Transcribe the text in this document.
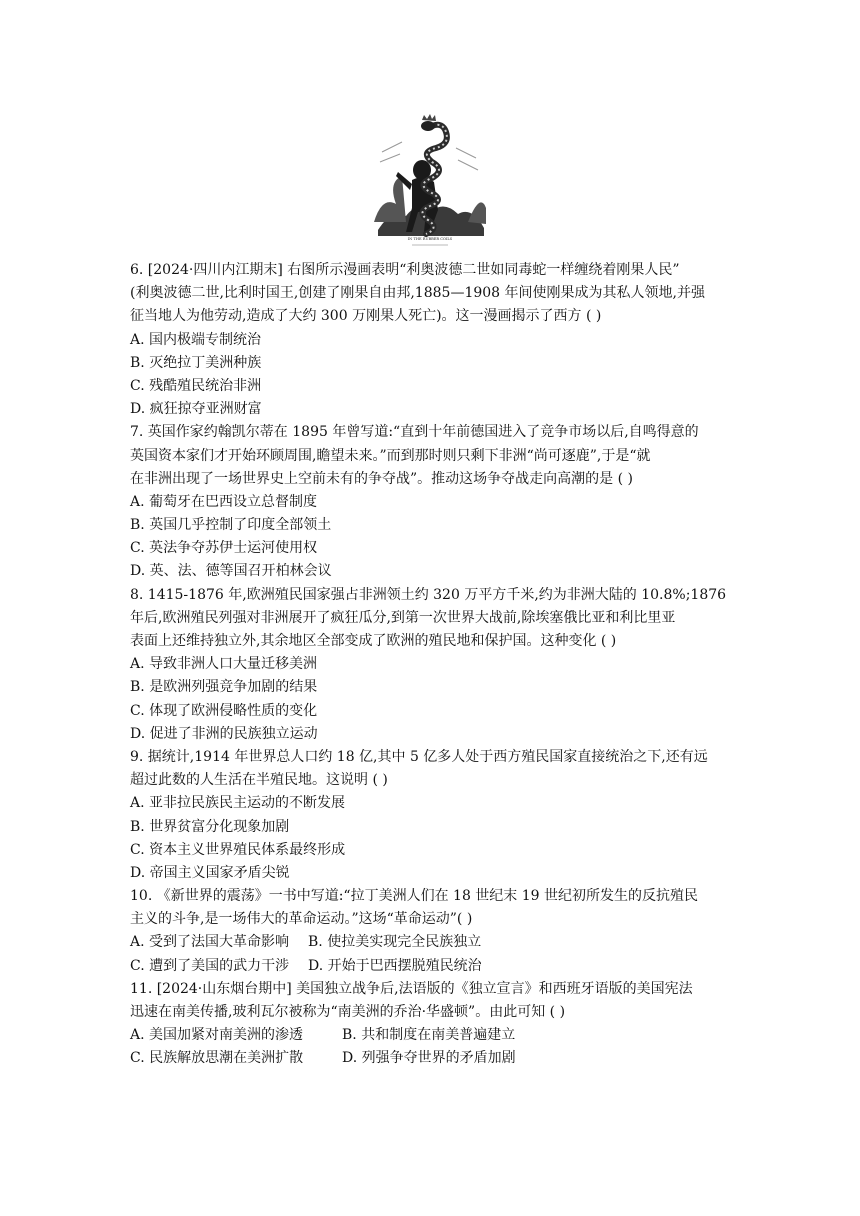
IN THE RUBBER COILS
6. [2024·四川内江期末] 右图所示漫画表明“利奥波德二世如同毒蛇一样缠绕着刚果人民”
(利奥波德二世,比利时国王,创建了刚果自由邦,1885—1908 年间使刚果成为其私人领地,并强
征当地人为他劳动,造成了大约 300 万刚果人死亡)。这一漫画揭示了西方 ( )
A. 国内极端专制统治
B. 灭绝拉丁美洲种族
C. 残酷殖民统治非洲
D. 疯狂掠夺亚洲财富
7. 英国作家约翰凯尔蒂在 1895 年曾写道:“直到十年前德国进入了竞争市场以后,自鸣得意的
英国资本家们才开始环顾周围,瞻望未来。”而到那时则只剩下非洲“尚可逐鹿”,于是“就
在非洲出现了一场世界史上空前未有的争夺战”。推动这场争夺战走向高潮的是 ( )
A. 葡萄牙在巴西设立总督制度
B. 英国几乎控制了印度全部领土
C. 英法争夺苏伊士运河使用权
D. 英、法、德等国召开柏林会议
8. 1415-1876 年,欧洲殖民国家强占非洲领土约 320 万平方千米,约为非洲大陆的 10.8%;1876
年后,欧洲殖民列强对非洲展开了疯狂瓜分,到第一次世界大战前,除埃塞俄比亚和利比里亚
表面上还维持独立外,其余地区全部变成了欧洲的殖民地和保护国。这种变化 ( )
A. 导致非洲人口大量迁移美洲
B. 是欧洲列强竞争加剧的结果
C. 体现了欧洲侵略性质的变化
D. 促进了非洲的民族独立运动
9. 据统计,1914 年世界总人口约 18 亿,其中 5 亿多人处于西方殖民国家直接统治之下,还有远
超过此数的人生活在半殖民地。这说明 ( )
A. 亚非拉民族民主运动的不断发展
B. 世界贫富分化现象加剧
C. 资本主义世界殖民体系最终形成
D. 帝国主义国家矛盾尖锐
10. 《新世界的震荡》一书中写道:“拉丁美洲人们在 18 世纪末 19 世纪初所发生的反抗殖民
主义的斗争,是一场伟大的革命运动。”这场“革命运动”( )
A. 受到了法国大革命影响	B. 使拉美实现完全民族独立
C. 遭到了美国的武力干涉	D. 开始于巴西摆脱殖民统治
11. [2024·山东烟台期中] 美国独立战争后,法语版的《独立宣言》和西班牙语版的美国宪法
迅速在南美传播,玻利瓦尔被称为“南美洲的乔治·华盛顿”。由此可知 ( )
A. 美国加紧对南美洲的渗透	B. 共和制度在南美普遍建立
C. 民族解放思潮在美洲扩散	D. 列强争夺世界的矛盾加剧
